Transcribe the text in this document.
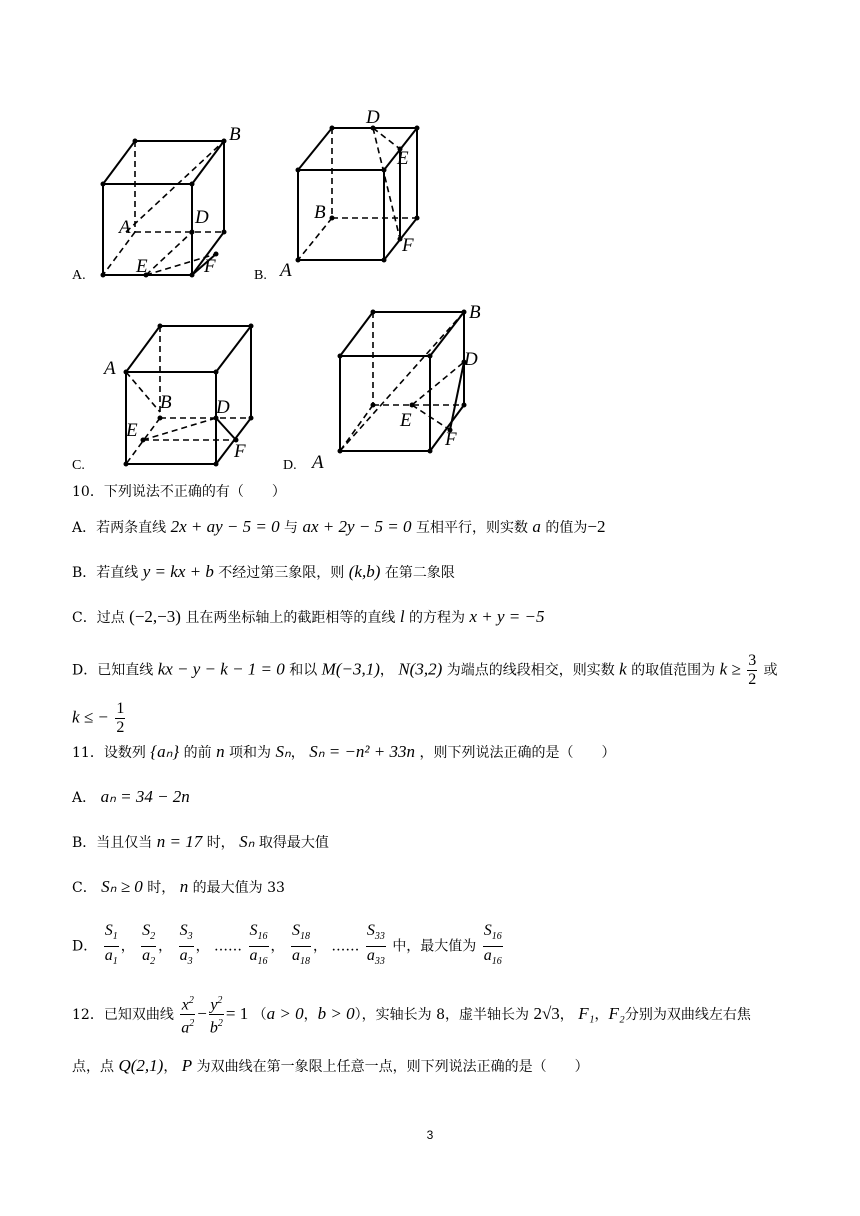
B
A	D
E	F
A.
D
E
B
F
A
B.
A
B D
E
F
C.
B
D
E
F
A
D.
10．下列说法不正确的有（　　）
A．若两条直线 2x + ay − 5 = 0 与 ax + 2y − 5 = 0 互相平行，则实数 a 的值为−2
B．若直线 y = kx + b 不经过第三象限，则 (k,b) 在第二象限
C．过点 (−2,−3) 且在两坐标轴上的截距相等的直线 l 的方程为 x + y = −5
D．已知直线 kx − y − k − 1 = 0 和以 M(−3,1)， N(3,2) 为端点的线段相交，则实数 k 的取值范围为 $k \ge \frac{3}{2}$ 或
k ≤ − $\frac{1}{2}$
11．设数列 {aₙ} 的前 n 项和为 Sₙ， Sₙ = −n² + 33n ，则下列说法正确的是（　　）
A． aₙ = 34 − 2n
B．当且仅当 n = 17 时， Sₙ 取得最大值
C． Sₙ ≥ 0 时， n 的最大值为 33
D． $\frac{S_1}{a_1}$ ， $\frac{S_2}{a_2}$ ， $\frac{S_3}{a_3}$ ， …… $\frac{S_{16}}{a_{16}}$ ， $\frac{S_{18}}{a_{18}}$ ， …… $\frac{S_{33}}{a_{33}}$ 中，最大值为 $\frac{S_{16}}{a_{16}}$
12．已知双曲线 $\frac{x^2}{a^2} - \frac{y^2}{b^2} = 1$ （a > 0，b > 0），实轴长为 8，虚半轴长为 2√3， F₁，F₂分别为双曲线左右焦
点，点 Q(2,1)， P 为双曲线在第一象限上任意一点，则下列说法正确的是（　　）
3
